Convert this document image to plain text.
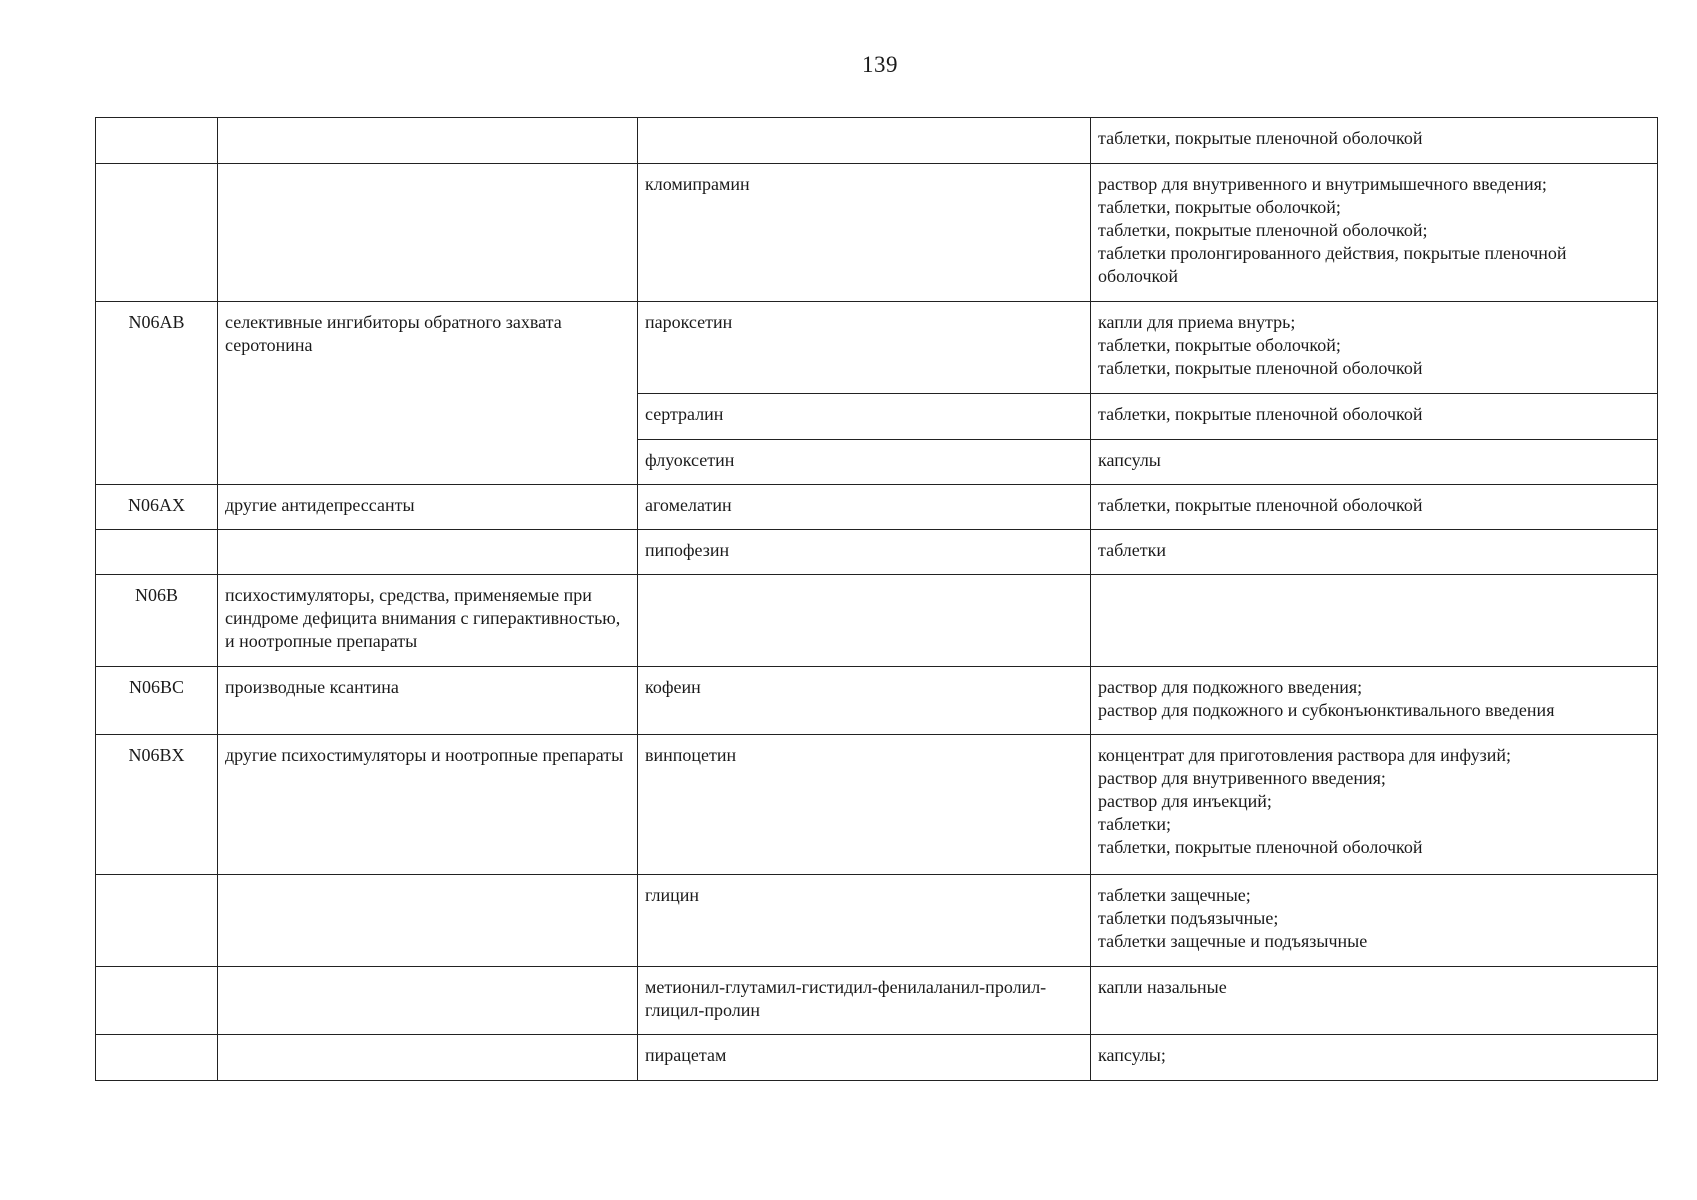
139
			таблетки, покрытые пленочной оболочкой
		кломипрамин	раствор для внутривенного и внутримышечного введения;
таблетки, покрытые оболочкой;
таблетки, покрытые пленочной оболочкой;
таблетки пролонгированного действия, покрытые пленочной оболочкой
N06AB	селективные ингибиторы обратного захвата серотонина	пароксетин	капли для приема внутрь;
таблетки, покрытые оболочкой;
таблетки, покрытые пленочной оболочкой
		сертралин	таблетки, покрытые пленочной оболочкой
		флуоксетин	капсулы
N06AX	другие антидепрессанты	агомелатин	таблетки, покрытые пленочной оболочкой
		пипофезин	таблетки
N06B	психостимуляторы, средства, применяемые при синдроме дефицита внимания с гиперактивностью, и ноотропные препараты		
N06BC	производные ксантина	кофеин	раствор для подкожного введения;
раствор для подкожного и субконъюнктивального введения
N06BX	другие психостимуляторы и ноотропные препараты	винпоцетин	концентрат для приготовления раствора для инфузий;
раствор для внутривенного введения;
раствор для инъекций;
таблетки;
таблетки, покрытые пленочной оболочкой
		глицин	таблетки защечные;
таблетки подъязычные;
таблетки защечные и подъязычные
		метионил-глутамил-гистидил-фенилаланил-пролил-глицил-пролин	капли назальные
		пирацетам	капсулы;
